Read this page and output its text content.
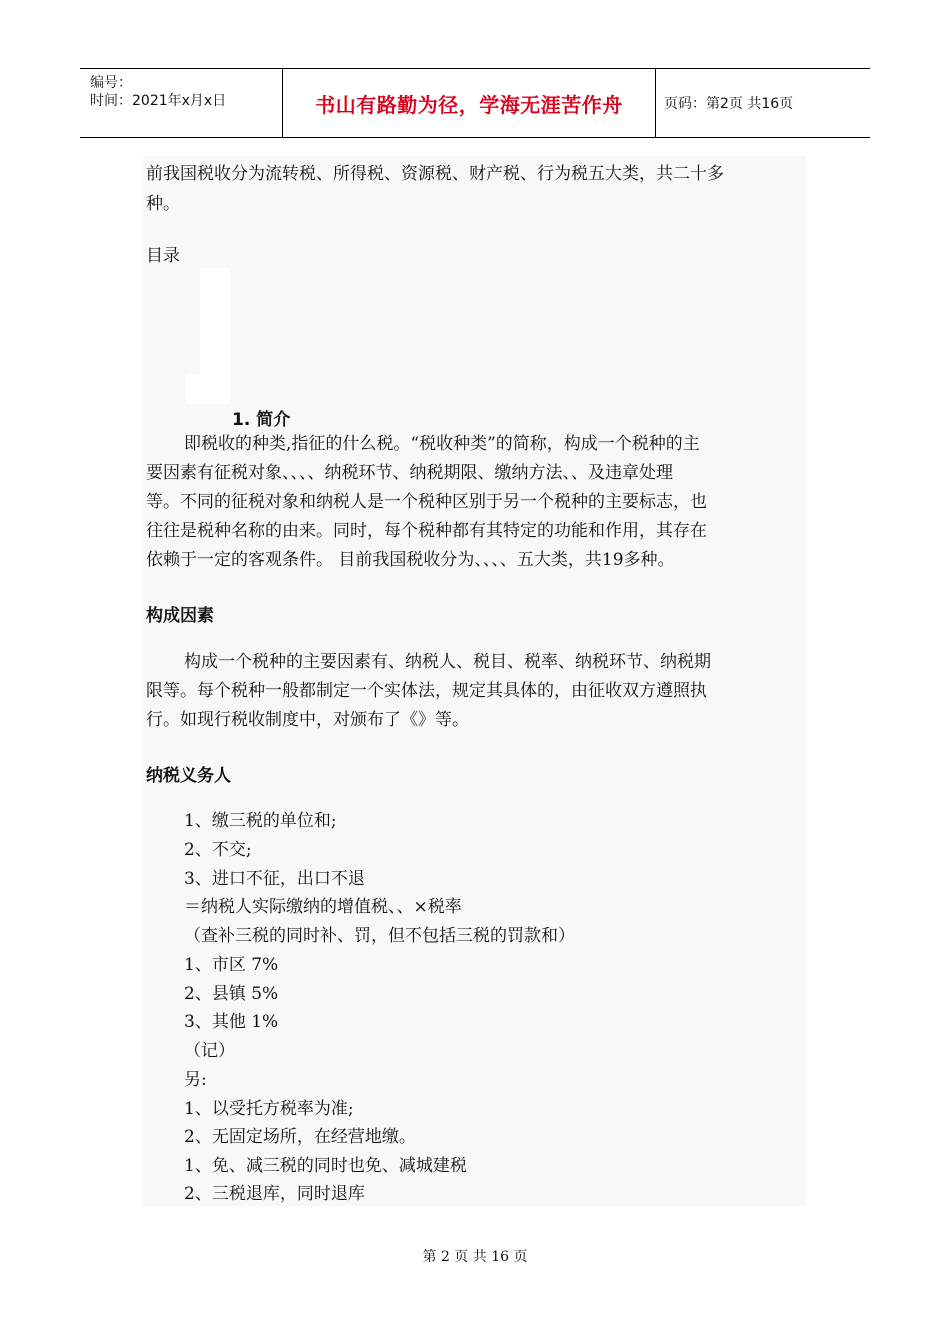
编号：
时间：2021年x月x日	书山有路勤为径，学海无涯苦作舟	页码：第2页 共16页
前我国税收分为流转税、所得税、资源税、财产税、行为税五大类，共二十多
种。
目录
1. 简介
即税收的种类,指征的什么税。“税收种类”的简称，构成一个税种的主
要因素有征税对象、、、、纳税环节、纳税期限、缴纳方法、、及违章处理
等。不同的征税对象和纳税人是一个税种区别于另一个税种的主要标志，也
往往是税种名称的由来。同时，每个税种都有其特定的功能和作用，其存在
依赖于一定的客观条件。 目前我国税收分为、、、、五大类，共19多种。
构成因素
构成一个税种的主要因素有、纳税人、税目、税率、纳税环节、纳税期
限等。每个税种一般都制定一个实体法，规定其具体的，由征收双方遵照执
行。如现行税收制度中，对颁布了《》等。
纳税义务人
1、缴三税的单位和;
2、不交;
3、进口不征，出口不退
＝纳税人实际缴纳的增值税、、×税率
（查补三税的同时补、罚，但不包括三税的罚款和）
1、市区 7%
2、县镇 5%
3、其他 1%
（记）
另:
1、以受托方税率为准;
2、无固定场所，在经营地缴。
1、免、减三税的同时也免、减城建税
2、三税退库，同时退库
第 2 页 共 16 页
